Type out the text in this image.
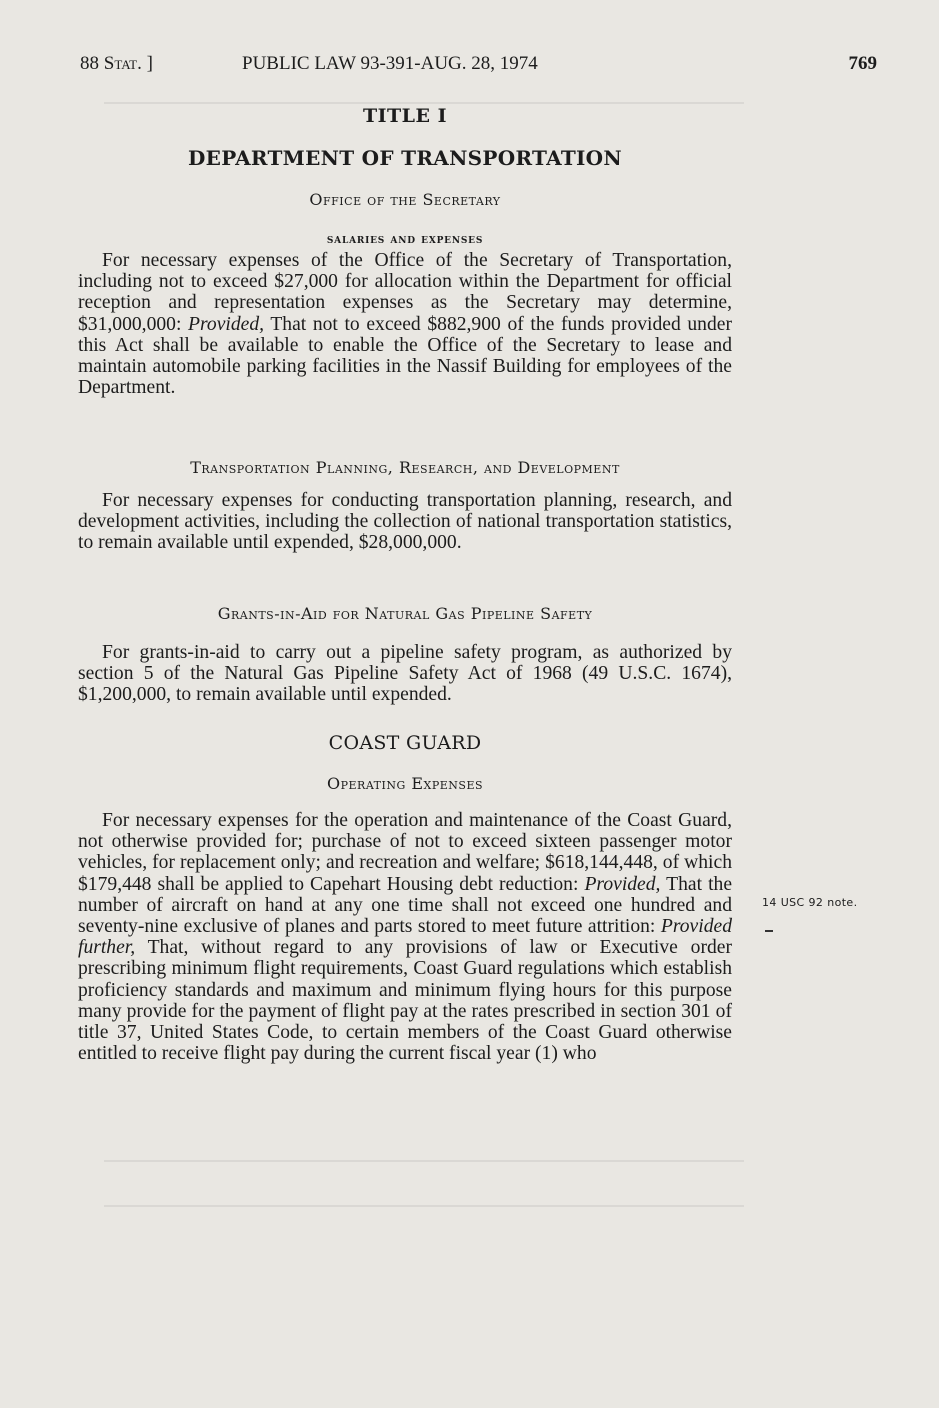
88 Stat. ]	PUBLIC LAW 93-391-AUG. 28, 1974	769
TITLE I
DEPARTMENT OF TRANSPORTATION
Office of the Secretary
salaries and expenses

For necessary expenses of the Office of the Secretary of Transportation, including not to exceed $27,000 for allocation within the Department for official reception and representation expenses as the Secretary may determine, $31,000,000: Provided, That not to exceed $882,900 of the funds provided under this Act shall be available to enable the Office of the Secretary to lease and maintain automobile parking facilities in the Nassif Building for employees of the Department.

Transportation Planning, Research, and Development

For necessary expenses for conducting transportation planning, research, and development activities, including the collection of national transportation statistics, to remain available until expended, $28,000,000.

Grants-in-Aid for Natural Gas Pipeline Safety

For grants-in-aid to carry out a pipeline safety program, as authorized by section 5 of the Natural Gas Pipeline Safety Act of 1968 (49 U.S.C. 1674), $1,200,000, to remain available until expended.

COAST GUARD
Operating Expenses

For necessary expenses for the operation and maintenance of the Coast Guard, not otherwise provided for; purchase of not to exceed sixteen passenger motor vehicles, for replacement only; and recreation and welfare; $618,144,448, of which $179,448 shall be applied to Capehart Housing debt reduction: Provided, That the number of aircraft on hand at any one time shall not exceed one hundred and seventy-nine exclusive of planes and parts stored to meet future attrition: Provided further, That, without regard to any provisions of law or Executive order prescribing minimum flight requirements, Coast Guard regulations which establish proficiency standards and maximum and minimum flying hours for this purpose many provide for the payment of flight pay at the rates prescribed in section 301 of title 37, United States Code, to certain members of the Coast Guard otherwise entitled to receive flight pay during the current fiscal year (1) who

14 USC 92 note.
